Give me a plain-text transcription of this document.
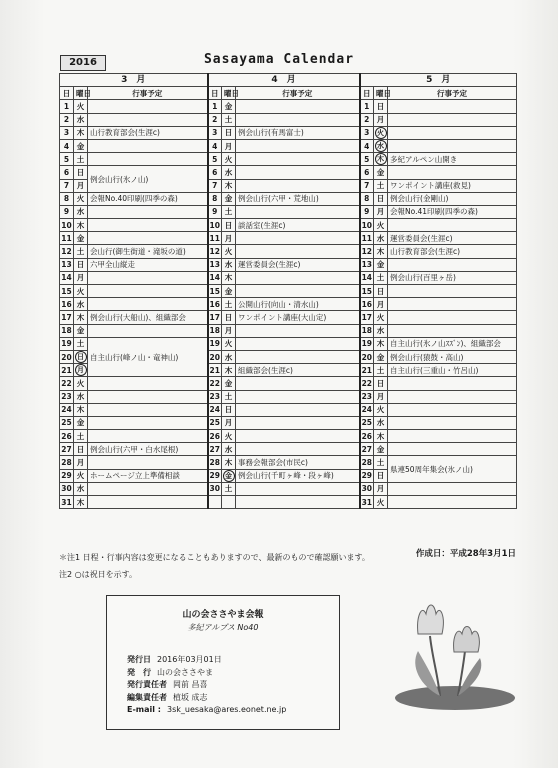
2016	Sasayama Calendar
3　月			4　月			5　月		
日	曜日	行事予定	日	曜日	行事予定	日	曜日	行事予定
1	火		1	金		1	日	
2	水		2	土		2	月	
3	木	山行教育部会(生涯c)	3	日	例会山行(有馬富士)	3	火	
4	金		4	月		4	水	
5	土		5	火		5	木	多紀アルペン山開き
6	日	例会山行(氷ノ山)	6	水		6	金	
7	月		7	木		7	土	ワンポイント講座(救見)
8	火	会報No.40印刷(四季の森)	8	金	例会山行(六甲・荒地山)	8	日	例会山行(金剛山)
9	水		9	土		9	月	会報No.41印刷(四季の森)
10	木		10	日	談話室(生涯c)	10	火	
11	金		11	月		11	水	運営委員会(生涯c)
12	土	会山行(御生街道・滝坂の道)	12	火		12	木	山行教育部会(生涯c)
13	日	六甲全山縦走	13	水	運営委員会(生涯c)	13	金	
14	月		14	木		14	土	例会山行(百里ヶ岳)
15	火		15	金		15	日	
16	水		16	土	公開山行(向山・清水山)	16	月	
17	木	例会山行(大船山)、組織部会	17	日	ワンポイント講座(大山定)	17	火	
18	金		18	月		18	水	
19	土	自主山行(峰ノ山・竜神山)	19	火		19	木	自主山行(氷ノ山ｽｽﾞﾝ)、組織部会
20	日		20	水		20	金	例会山行(猿鼓・高山)
21	月		21	木	組織部会(生涯c)	21	土	自主山行(三重山・竹呂山)
22	火		22	金		22	日	
23	水		23	土		23	月	
24	木		24	日		24	火	
25	金		25	月		25	水	
26	土		26	火		26	木	
27	日	例会山行(六甲・白水尾根)	27	水		27	金	
28	月		28	木	事務会報部会(市民c)	28	土	県連50周年集会(氷ノ山)
29	火	ホームページ立上準備相談	29	金	例会山行(千町ヶ峰・段ヶ峰)	29	日	
30	水		30	土		30	月	
31	木					31	火	
作成日：平成28年3月1日
＊注1 日程・行事内容は変更になることもありますので、最新のもので確認願います。
注2 ○は祝日を示す。
山の会ささやま会報
多紀アルプス No40
発行日 2016年03月01日
発　行 山の会ささやま
発行責任者 岡前 昌喜
編集責任者 植坂 成志
E-mail : 3sk_uesaka@ares.eonet.ne.jp
